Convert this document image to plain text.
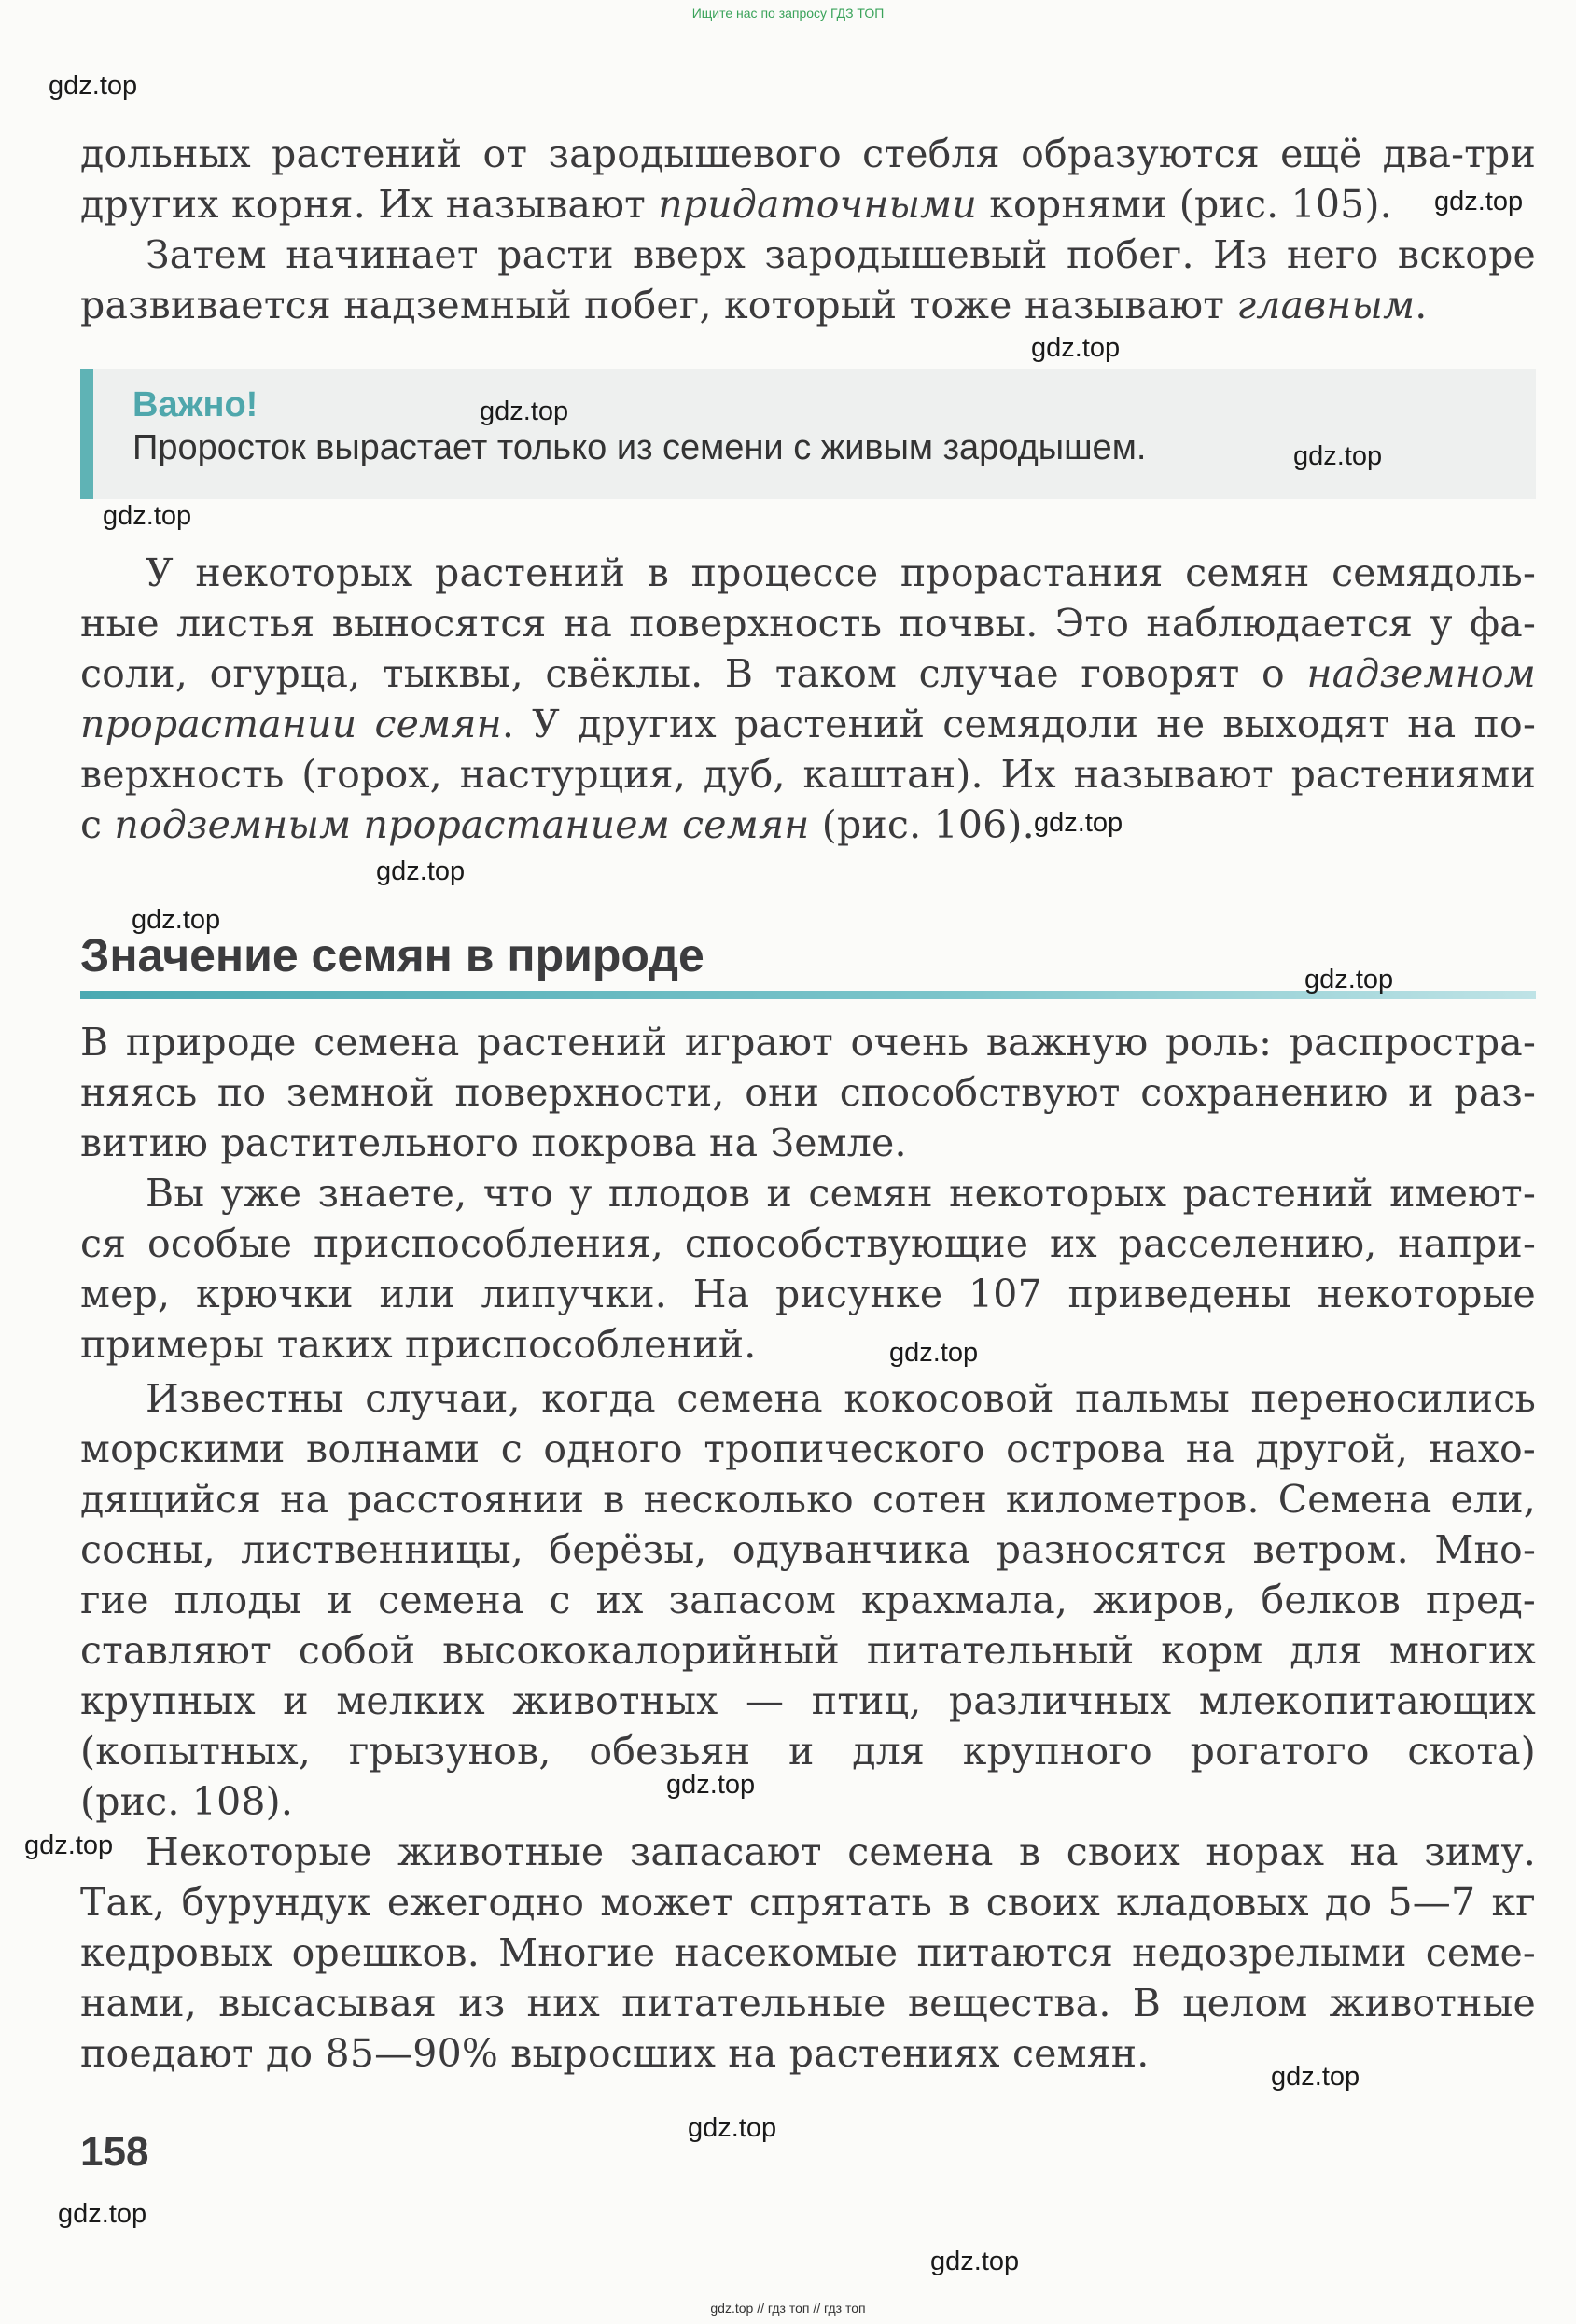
Ищите нас по запросу ГДЗ ТОП
дольных растений от зародышевого стебля образуются ещё два-три
других корня. Их называют придаточными корнями (рис. 105).
Затем начинает расти вверх зародышевый побег. Из него вскоре
развивается надземный побег, который тоже называют главным.
Важно!
Проросток вырастает только из семени с живым зародышем.
У некоторых растений в процессе прорастания семян семядоль-
ные листья выносятся на поверхность почвы. Это наблюдается у фа-
соли, огурца, тыквы, свёклы. В таком случае говорят о надземном
прорастании семян. У других растений семядоли не выходят на по-
верхность (горох, настурция, дуб, каштан). Их называют растениями
с подземным прорастанием семян (рис. 106).
Значение семян в природе
В природе семена растений играют очень важную роль: распростра-
няясь по земной поверхности, они способствуют сохранению и раз-
витию растительного покрова на Земле.
Вы уже знаете, что у плодов и семян некоторых растений имеют-
ся особые приспособления, способствующие их расселению, напри-
мер, крючки или липучки. На рисунке 107 приведены некоторые
примеры таких приспособлений.
Известны случаи, когда семена кокосовой пальмы переносились
морскими волнами с одного тропического острова на другой, нахо-
дящийся на расстоянии в несколько сотен километров. Семена ели,
сосны, лиственницы, берёзы, одуванчика разносятся ветром. Мно-
гие плоды и семена с их запасом крахмала, жиров, белков пред-
ставляют собой высококалорийный питательный корм для многих
крупных и мелких животных — птиц, различных млекопитающих
(копытных, грызунов, обезьян и для крупного рогатого скота)
(рис. 108).
Некоторые животные запасают семена в своих норах на зиму.
Так, бурундук ежегодно может спрятать в своих кладовых до 5—7 кг
кедровых орешков. Многие насекомые питаются недозрелыми семе-
нами, высасывая из них питательные вещества. В целом животные
поедают до 85—90% выросших на растениях семян.
158
gdz.top
gdz.top
gdz.top
gdz.top
gdz.top
gdz.top
gdz.top
gdz.top
gdz.top
gdz.top
gdz.top
gdz.top
gdz.top
gdz.top
gdz.top
gdz.top
gdz.top
gdz.top // гдз топ // гдз топ
